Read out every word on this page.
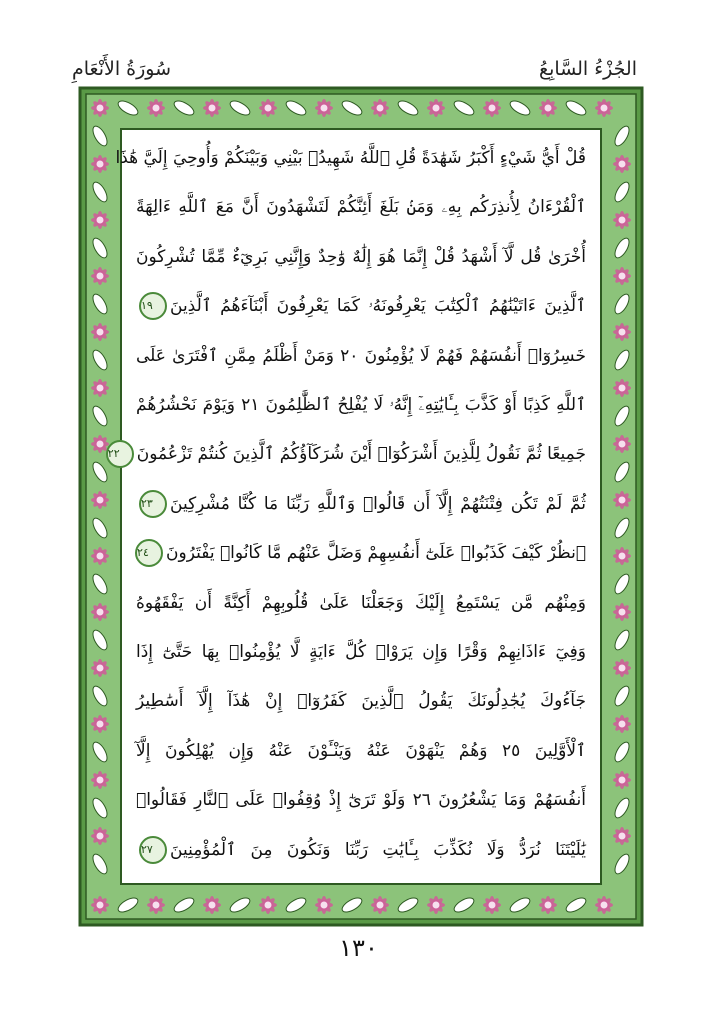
سُورَةُ الأَنْعَامِ	الجُزْءُ السَّابِعُ
قُلْ أَيُّ شَيْءٍ أَكْبَرُ شَهَٰدَةً قُلِ ٱللَّهُ شَهِيدُۢ بَيْنِي وَبَيْنَكُمْ وَأُوحِيَ إِلَيَّ هَٰذَا
ٱلْقُرْءَانُ لِأُنذِرَكُم بِهِۦ وَمَنۢ بَلَغَ أَئِنَّكُمْ لَتَشْهَدُونَ أَنَّ مَعَ ٱللَّهِ ءَالِهَةً
أُخْرَىٰ قُل لَّآ أَشْهَدُ قُلْ إِنَّمَا هُوَ إِلَٰهٌ وَٰحِدٌ وَإِنَّنِي بَرِيٓءٌ مِّمَّا تُشْرِكُونَ
ٱلَّذِينَ ءَاتَيْنَٰهُمُ ٱلْكِتَٰبَ يَعْرِفُونَهُۥ كَمَا يَعْرِفُونَ أَبْنَآءَهُمُ ٱلَّذِينَ١٩
خَسِرُوٓا۟ أَنفُسَهُمْ فَهُمْ لَا يُؤْمِنُونَ ٢٠ وَمَنْ أَظْلَمُ مِمَّنِ ٱفْتَرَىٰ عَلَى
ٱللَّهِ كَذِبًا أَوْ كَذَّبَ بِـَٔايَٰتِهِۦٓ إِنَّهُۥ لَا يُفْلِحُ ٱلظَّٰلِمُونَ ٢١ وَيَوْمَ نَحْشُرُهُمْ
جَمِيعًا ثُمَّ نَقُولُ لِلَّذِينَ أَشْرَكُوٓا۟ أَيْنَ شُرَكَآؤُكُمُ ٱلَّذِينَ كُنتُمْ تَزْعُمُونَ٢٢
ثُمَّ لَمْ تَكُن فِتْنَتُهُمْ إِلَّآ أَن قَالُوا۟ وَٱللَّهِ رَبِّنَا مَا كُنَّا مُشْرِكِينَ٢٣
ٱنظُرْ كَيْفَ كَذَبُوا۟ عَلَىٰٓ أَنفُسِهِمْ وَضَلَّ عَنْهُم مَّا كَانُوا۟ يَفْتَرُونَ٢٤
وَمِنْهُم مَّن يَسْتَمِعُ إِلَيْكَ وَجَعَلْنَا عَلَىٰ قُلُوبِهِمْ أَكِنَّةً أَن يَفْقَهُوهُ
وَفِيٓ ءَاذَانِهِمْ وَقْرًا وَإِن يَرَوْا۟ كُلَّ ءَايَةٍ لَّا يُؤْمِنُوا۟ بِهَا حَتَّىٰٓ إِذَا
جَآءُوكَ يُجَٰدِلُونَكَ يَقُولُ ٱلَّذِينَ كَفَرُوٓا۟ إِنْ هَٰذَآ إِلَّآ أَسَٰطِيرُ
ٱلْأَوَّلِينَ ٢٥ وَهُمْ يَنْهَوْنَ عَنْهُ وَيَنْـَٔوْنَ عَنْهُ وَإِن يُهْلِكُونَ إِلَّآ
أَنفُسَهُمْ وَمَا يَشْعُرُونَ ٢٦ وَلَوْ تَرَىٰٓ إِذْ وُقِفُوا۟ عَلَى ٱلنَّارِ فَقَالُوا۟
يَٰلَيْتَنَا نُرَدُّ وَلَا نُكَذِّبَ بِـَٔايَٰتِ رَبِّنَا وَنَكُونَ مِنَ ٱلْمُؤْمِنِينَ٢٧
١٣٠
